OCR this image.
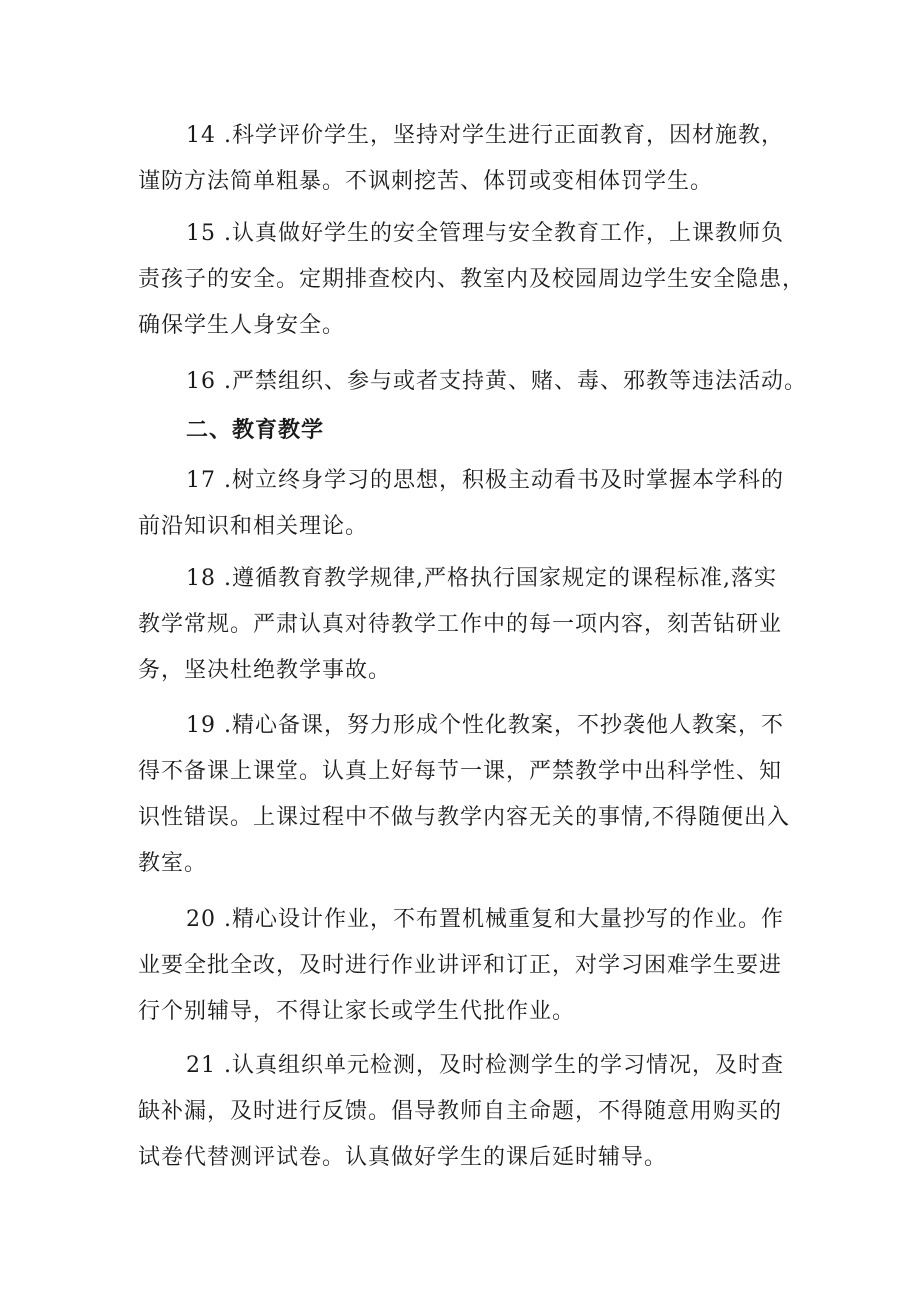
14 .科学评价学生，坚持对学生进行正面教育，因材施教，
谨防方法简单粗暴。不讽刺挖苦、体罚或变相体罚学生。

15 .认真做好学生的安全管理与安全教育工作，上课教师负
责孩子的安全。定期排查校内、教室内及校园周边学生安全隐患，
确保学生人身安全。

16 .严禁组织、参与或者支持黄、赌、毒、邪教等违法活动。

二、教育教学

17 .树立终身学习的思想，积极主动看书及时掌握本学科的
前沿知识和相关理论。

18 .遵循教育教学规律,严格执行国家规定的课程标准,落实
教学常规。严肃认真对待教学工作中的每一项内容，刻苦钻研业
务，坚决杜绝教学事故。

19 .精心备课，努力形成个性化教案，不抄袭他人教案，不
得不备课上课堂。认真上好每节一课，严禁教学中出科学性、知
识性错误。上课过程中不做与教学内容无关的事情,不得随便出入
教室。

20 .精心设计作业，不布置机械重复和大量抄写的作业。作
业要全批全改，及时进行作业讲评和订正，对学习困难学生要进
行个别辅导，不得让家长或学生代批作业。

21 .认真组织单元检测，及时检测学生的学习情况，及时查
缺补漏，及时进行反馈。倡导教师自主命题，不得随意用购买的
试卷代替测评试卷。认真做好学生的课后延时辅导。
